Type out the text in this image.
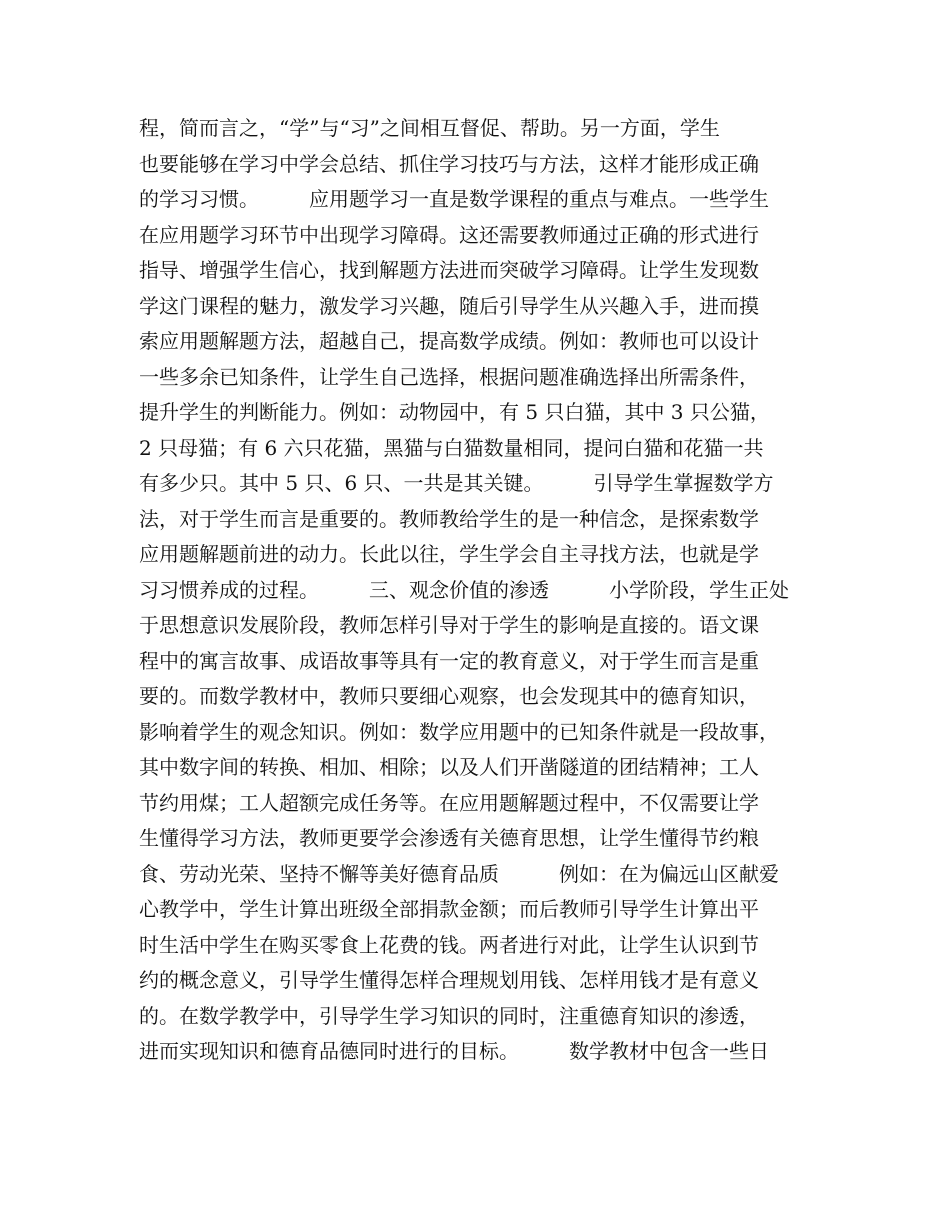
程，简而言之，“学”与“习”之间相互督促、帮助。另一方面，学生
也要能够在学习中学会总结、抓住学习技巧与方法，这样才能形成正确
的学习习惯。　　　应用题学习一直是数学课程的重点与难点。一些学生
在应用题学习环节中出现学习障碍。这还需要教师通过正确的形式进行
指导、增强学生信心，找到解题方法进而突破学习障碍。让学生发现数
学这门课程的魅力，激发学习兴趣，随后引导学生从兴趣入手，进而摸
索应用题解题方法，超越自己，提高数学成绩。例如：教师也可以设计
一些多余已知条件，让学生自己选择，根据问题准确选择出所需条件，
提升学生的判断能力。例如：动物园中，有 5 只白猫，其中 3 只公猫，
2 只母猫；有 6 六只花猫，黑猫与白猫数量相同，提问白猫和花猫一共
有多少只。其中 5 只、6 只、一共是其关键。　　　引导学生掌握数学方
法，对于学生而言是重要的。教师教给学生的是一种信念，是探索数学
应用题解题前进的动力。长此以往，学生学会自主寻找方法，也就是学
习习惯养成的过程。　　　三、观念价值的渗透　　　小学阶段，学生正处
于思想意识发展阶段，教师怎样引导对于学生的影响是直接的。语文课
程中的寓言故事、成语故事等具有一定的教育意义，对于学生而言是重
要的。而数学教材中，教师只要细心观察，也会发现其中的德育知识，
影响着学生的观念知识。例如：数学应用题中的已知条件就是一段故事，
其中数字间的转换、相加、相除；以及人们开凿隧道的团结精神；工人
节约用煤；工人超额完成任务等。在应用题解题过程中，不仅需要让学
生懂得学习方法，教师更要学会渗透有关德育思想，让学生懂得节约粮
食、劳动光荣、坚持不懈等美好德育品质　　　例如：在为偏远山区献爱
心教学中，学生计算出班级全部捐款金额；而后教师引导学生计算出平
时生活中学生在购买零食上花费的钱。两者进行对此，让学生认识到节
约的概念意义，引导学生懂得怎样合理规划用钱、怎样用钱才是有意义
的。在数学教学中，引导学生学习知识的同时，注重德育知识的渗透，
进而实现知识和德育品德同时进行的目标。　　　数学教材中包含一些日
